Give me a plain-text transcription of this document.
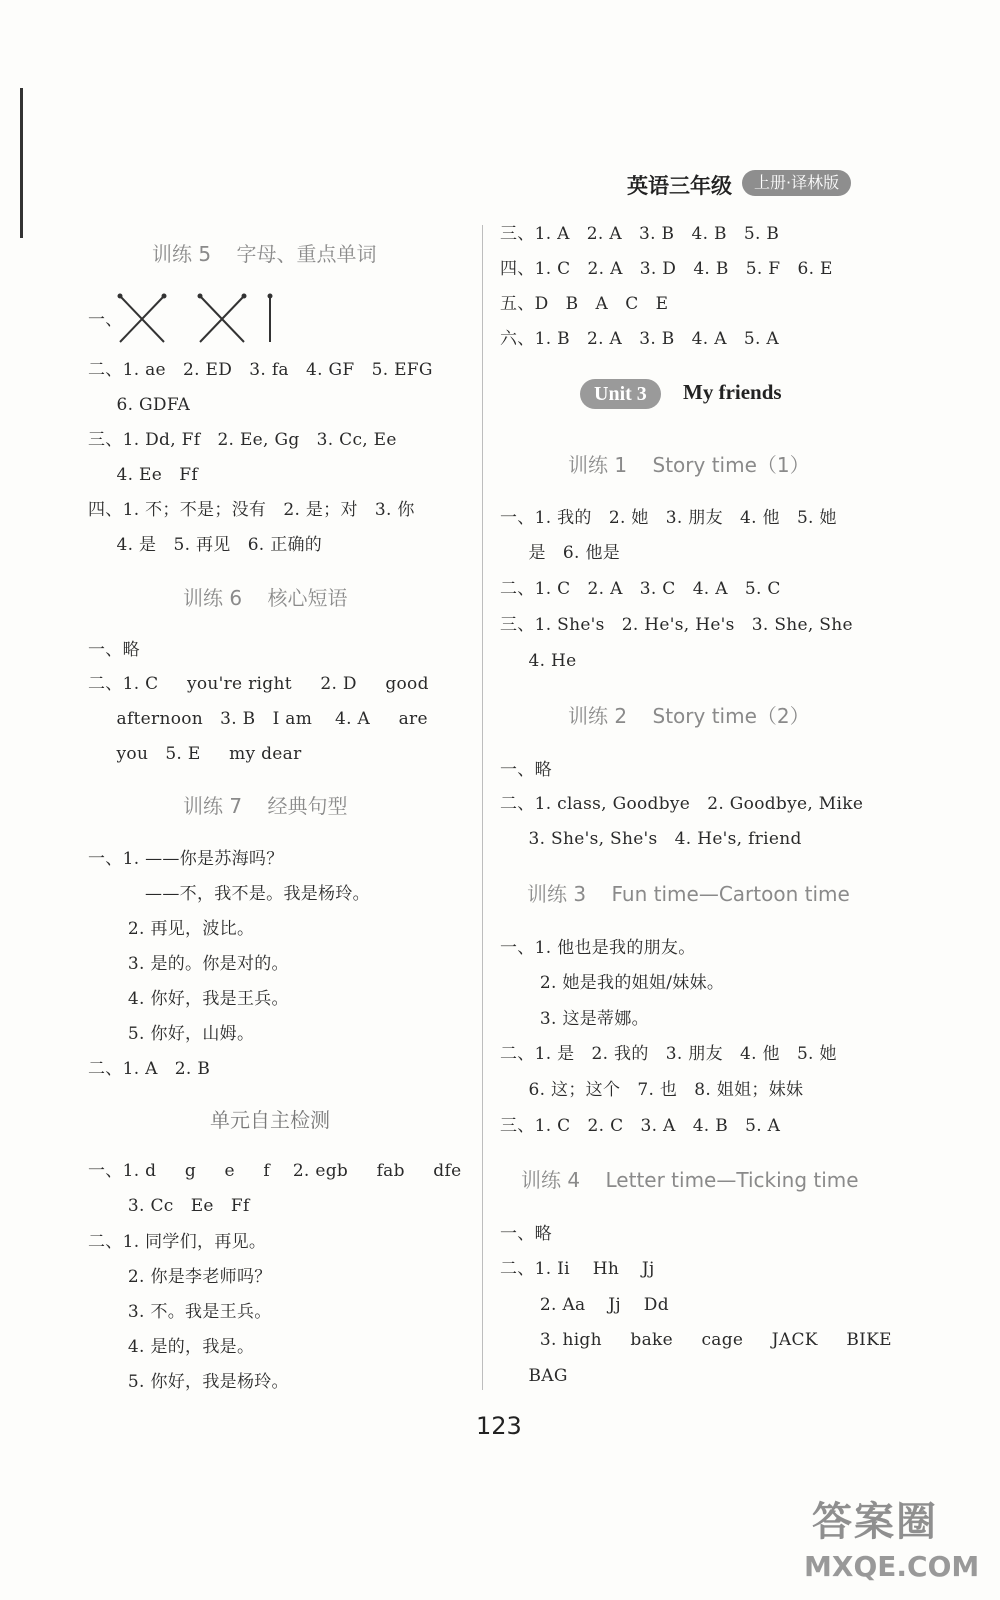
英语三年级	上册·译林版
训练 5    字母、重点单词
一、
二、1. ae   2. ED   3. fa   4. GF   5. EFG
6. GDFA
三、1. Dd, Ff   2. Ee, Gg   3. Cc, Ee
4. Ee   Ff
四、1. 不；不是；没有   2. 是；对   3. 你
4. 是   5. 再见   6. 正确的
训练 6    核心短语
一、略
二、1. C     you're right     2. D     good
afternoon   3. B   I am    4. A     are
you   5. E     my dear
训练 7    经典句型
一、1. ——你是苏海吗？
——不，我不是。我是杨玲。
2. 再见，波比。
3. 是的。你是对的。
4. 你好，我是王兵。
5. 你好，山姆。
二、1. A   2. B
单元自主检测
一、1. d     g     e     f    2. egb     fab     dfe
3. Cc   Ee   Ff
二、1. 同学们，再见。
2. 你是李老师吗？
3. 不。我是王兵。
4. 是的，我是。
5. 你好，我是杨玲。
三、1. A   2. A   3. B   4. B   5. B
四、1. C   2. A   3. D   4. B   5. F   6. E
五、D   B   A   C   E
六、1. B   2. A   3. B   4. A   5. A
Unit 3	My friends
训练 1    Story time（1）
一、1. 我的   2. 她   3. 朋友   4. 他   5. 她
是   6. 他是
二、1. C   2. A   3. C   4. A   5. C
三、1. She's   2. He's, He's   3. She, She
4. He
训练 2    Story time（2）
一、略
二、1. class, Goodbye   2. Goodbye, Mike
3. She's, She's   4. He's, friend
训练 3    Fun time—Cartoon time
一、1. 他也是我的朋友。
2. 她是我的姐姐/妹妹。
3. 这是蒂娜。
二、1. 是   2. 我的   3. 朋友   4. 他   5. 她
6. 这；这个   7. 也   8. 姐姐；妹妹
三、1. C   2. C   3. A   4. B   5. A
训练 4    Letter time—Ticking time
一、略
二、1. Ii    Hh    Jj
2. Aa    Jj    Dd
3. high     bake     cage     JACK     BIKE
BAG
123
答案圈
MXQE.COM
